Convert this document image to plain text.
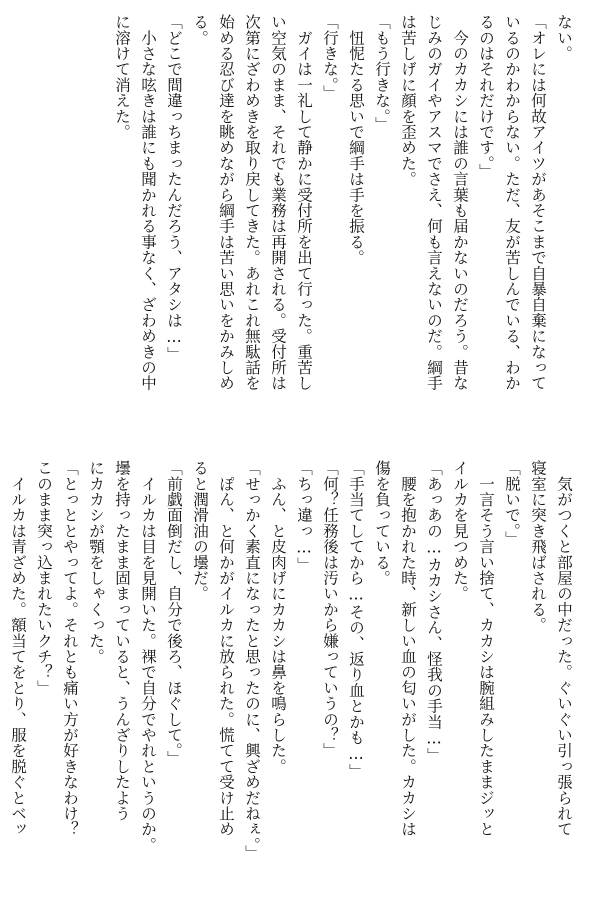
ない。
「オレには何故アイツがあそこまで自暴自棄になって
いるのかわからない。ただ、友が苦しんでいる、わか
るのはそれだけです。」
　今のカカシには誰の言葉も届かないのだろう。昔な
じみのガイやアスマでさえ、何も言えないのだ。綱手
は苦しげに顔を歪めた。
「もう行きな。」
　忸怩たる思いで綱手は手を振る。
「行きな。」
　ガイは一礼して静かに受付所を出て行った。重苦し
い空気のまま、それでも業務は再開される。受付所は
次第にざわめきを取り戻してきた。あれこれ無駄話を
始める忍び達を眺めながら綱手は苦い思いをかみしめ
る。
「どこで間違っちまったんだろう、アタシは…」
　小さな呟きは誰にも聞かれる事なく、ざわめきの中
に溶けて消えた。
　気がつくと部屋の中だった。ぐいぐい引っ張られて
寝室に突き飛ばされる。
「脱いで。」
　一言そう言い捨て、カカシは腕組みしたままジッと
イルカを見つめた。
「あっあの…カカシさん、怪我の手当…」
　腰を抱かれた時、新しい血の匂いがした。カカシは
傷を負っている。
「手当てしてから…その、返り血とかも…」
「何？任務後は汚いから嫌っていうの？」
「ちっ違っ…」
　ふん、と皮肉げにカカシは鼻を鳴らした。
「せっかく素直になったと思ったのに、興ざめだねぇ。」
　ぽん、と何かがイルカに放られた。慌てて受け止め
ると潤滑油の壜だ。
「前戯面倒だし、自分で後ろ、ほぐして。」
　イルカは目を見開いた。裸で自分でやれというのか。
壜を持ったまま固まっていると、うんざりしたよう
にカカシが顎をしゃくった。
「とっととやってよ。それとも痛い方が好きなわけ？
このまま突っ込まれたいクチ？」
　イルカは青ざめた。額当てをとり、服を脱ぐとベッ
